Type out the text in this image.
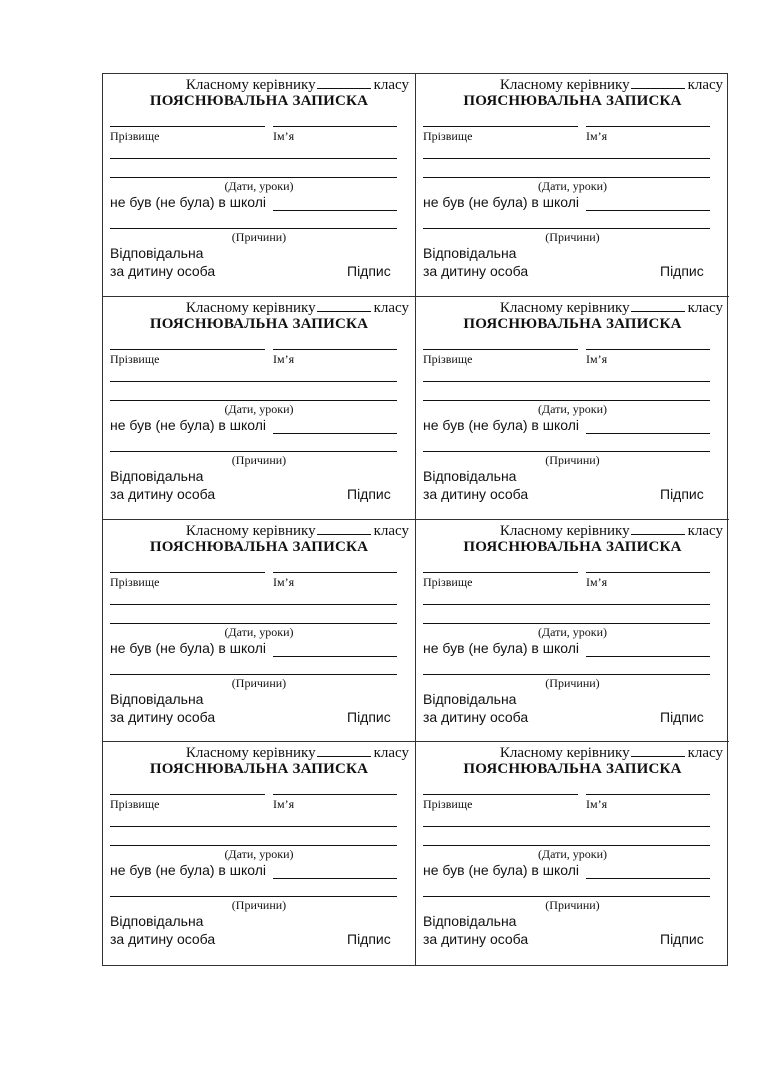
Класному керівнику	класу
ПОЯСНЮВАЛЬНА ЗАПИСКА
Прізвище	Ім’я
(Дати, уроки)
не був (не була) в школі
(Причини)
Відповідальна
за дитину особа	Підпис
Класному керівнику	класу
ПОЯСНЮВАЛЬНА ЗАПИСКА
Прізвище	Ім’я
(Дати, уроки)
не був (не була) в школі
(Причини)
Відповідальна
за дитину особа	Підпис
Класному керівнику	класу
ПОЯСНЮВАЛЬНА ЗАПИСКА
Прізвище	Ім’я
(Дати, уроки)
не був (не була) в школі
(Причини)
Відповідальна
за дитину особа	Підпис
Класному керівнику	класу
ПОЯСНЮВАЛЬНА ЗАПИСКА
Прізвище	Ім’я
(Дати, уроки)
не був (не була) в школі
(Причини)
Відповідальна
за дитину особа	Підпис
Класному керівнику	класу
ПОЯСНЮВАЛЬНА ЗАПИСКА
Прізвище	Ім’я
(Дати, уроки)
не був (не була) в школі
(Причини)
Відповідальна
за дитину особа	Підпис
Класному керівнику	класу
ПОЯСНЮВАЛЬНА ЗАПИСКА
Прізвище	Ім’я
(Дати, уроки)
не був (не була) в школі
(Причини)
Відповідальна
за дитину особа	Підпис
Класному керівнику	класу
ПОЯСНЮВАЛЬНА ЗАПИСКА
Прізвище	Ім’я
(Дати, уроки)
не був (не була) в школі
(Причини)
Відповідальна
за дитину особа	Підпис
Класному керівнику	класу
ПОЯСНЮВАЛЬНА ЗАПИСКА
Прізвище	Ім’я
(Дати, уроки)
не був (не була) в школі
(Причини)
Відповідальна
за дитину особа	Підпис
